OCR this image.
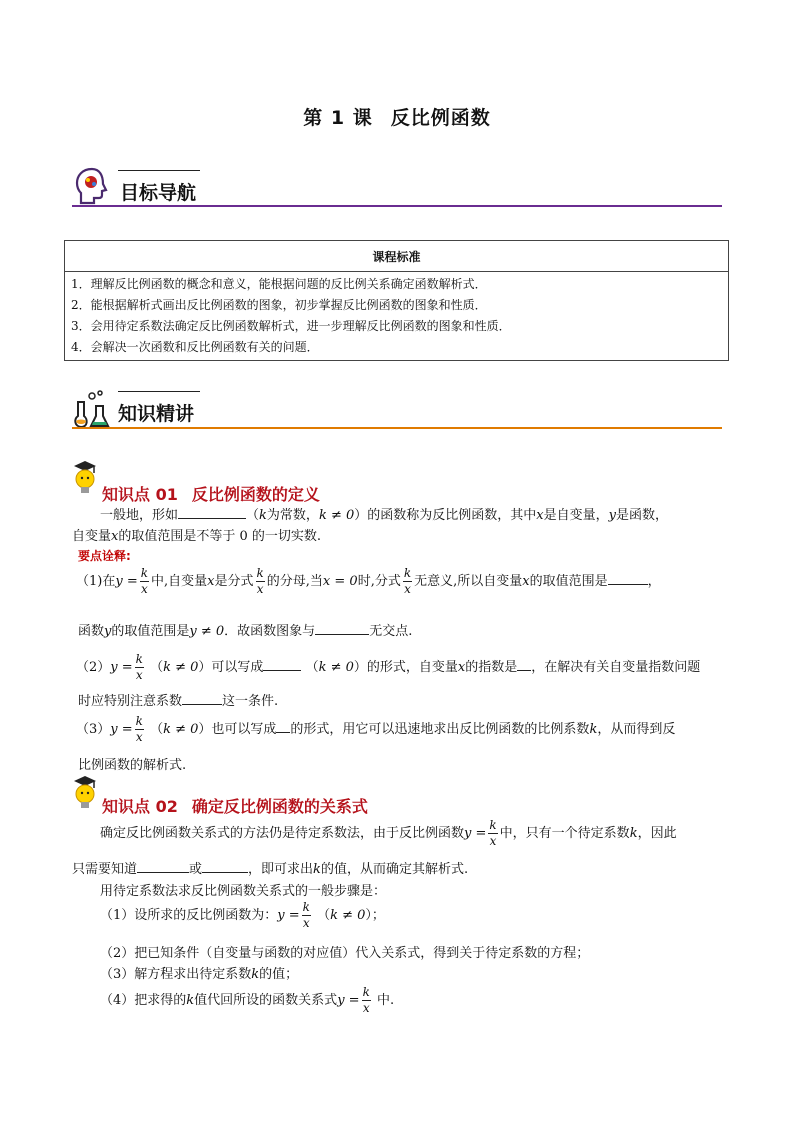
第 1 课 反比例函数
目标导航
课程标准

1．理解反比例函数的概念和意义，能根据问题的反比例关系确定函数解析式．
2．能根据解析式画出反比例函数的图象，初步掌握反比例函数的图象和性质．
3．会用待定系数法确定反比例函数解析式，进一步理解反比例函数的图象和性质．
4．会解决一次函数和反比例函数有关的问题．
知识精讲
知识点 01 反比例函数的定义
一般地，形如	（k为常数，k ≠ 0）的函数称为反比例函数，其中x是自变量，y是函数，
自变量x的取值范围是不等于 0 的一切实数.
要点诠释:
（1)在$y = \frac{k}{x}$ 中,自变量x是分式 $\frac{k}{x}$ 的分母,当x = 0时,分式 $\frac{k}{x}$ 无意义,所以自变量x的取值范围是	，
函数y的取值范围是y ≠ 0．故函数图象与	无交点.
$(2)y = \frac{k}{x} (k \ne 0)$可以写成	（k ≠ 0）的形式，自变量x的指数是 ，在解决有关自变量指数问题
时应特别注意系数	这一条件.
$(3)y = \frac{k}{x} (k \ne 0)$也可以写成 的形式，用它可以迅速地求出反比例函数的比例系数k，从而得到反
比例函数的解析式.
知识点 02 确定反比例函数的关系式
确定反比例函数关系式的方法仍是待定系数法，由于反比例函数$y = \frac{k}{x}$ 中，只有一个待定系数k，因此
只需要知道	或	，即可求出k的值，从而确定其解析式.
用待定系数法求反比例函数关系式的一般步骤是：
（1）设所求的反比例函数为：$y = \frac{k}{x} (k \ne 0)$；
（2）把已知条件（自变量与函数的对应值）代入关系式，得到关于待定系数的方程；
（3）解方程求出待定系数k的值；
（4）把求得的k值代回所设的函数关系式$y = \frac{k}{x}$ 中.
